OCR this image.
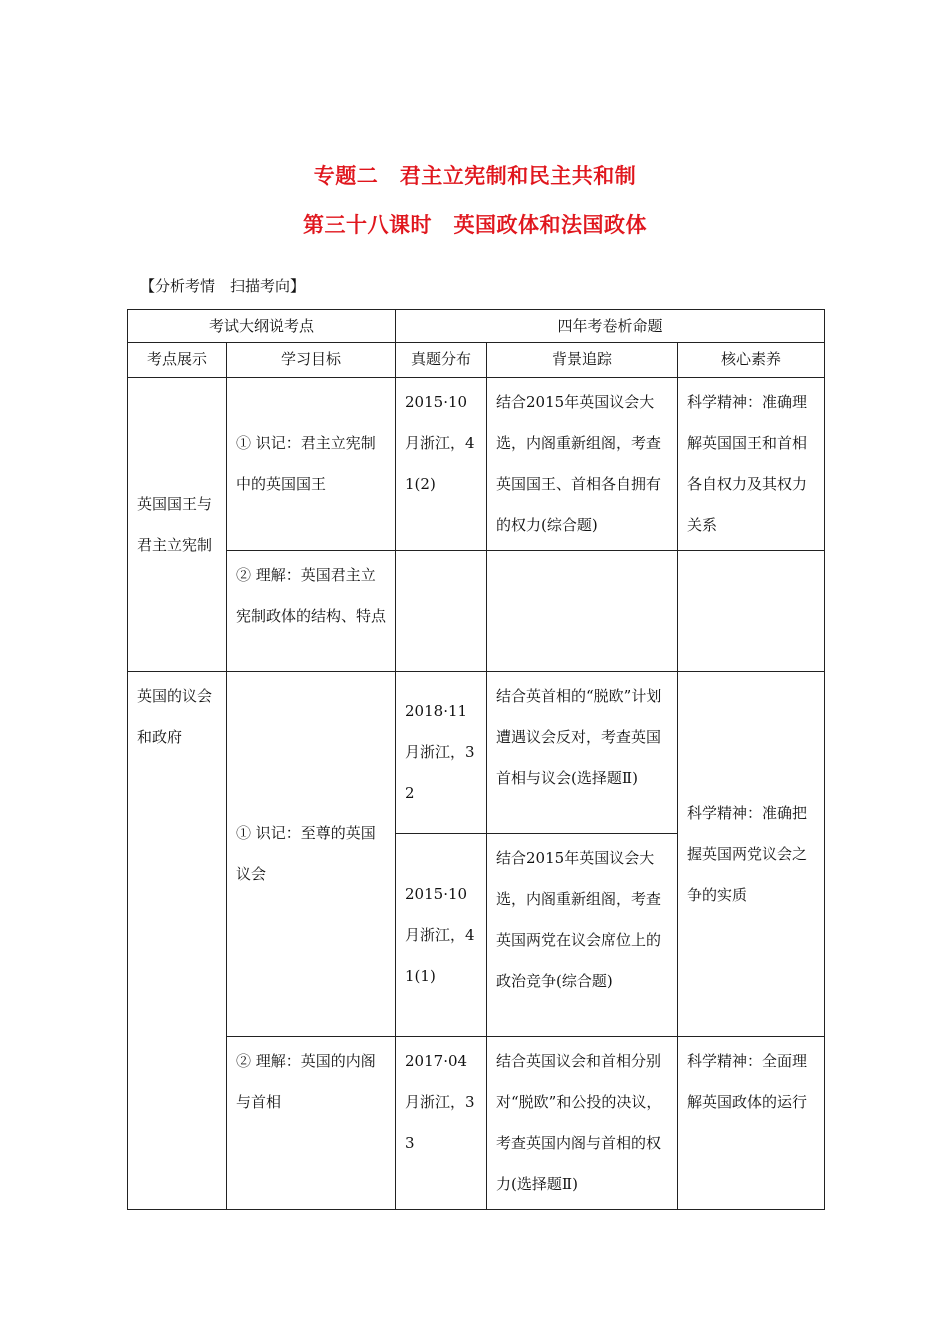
专题二　君主立宪制和民主共和制
第三十八课时　英国政体和法国政体
【分析考情　扫描考向】
考试大纲说考点		四年考卷析命题		
考点展示	学习目标	真题分布	背景追踪	核心素养
英国国王与君主立宪制	① 识记：君主立宪制中的英国国王	2015·10月浙江，41(2)	结合2015年英国议会大选，内阁重新组阁，考查英国国王、首相各自拥有的权力(综合题)	科学精神：准确理解英国国王和首相各自权力及其权力关系
	② 理解：英国君主立宪制政体的结构、特点			
英国的议会和政府	① 识记：至尊的英国议会	2018·11月浙江，32	结合英首相的“脱欧”计划遭遇议会反对，考查英国首相与议会(选择题Ⅱ)	科学精神：准确把握英国两党议会之争的实质
		2015·10月浙江，41(1)	结合2015年英国议会大选，内阁重新组阁，考查英国两党在议会席位上的政治竞争(综合题)	
	② 理解：英国的内阁与首相	2017·04月浙江，33	结合英国议会和首相分别对“脱欧”和公投的决议，考查英国内阁与首相的权力(选择题Ⅱ)	科学精神：全面理解英国政体的运行
